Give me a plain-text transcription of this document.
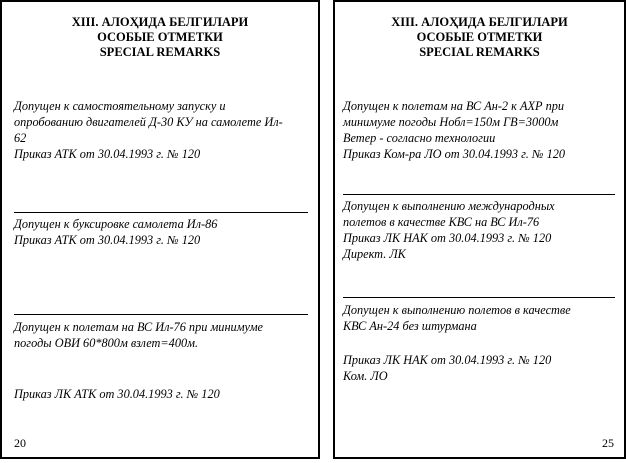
XIII. АЛОҲИДА БЕЛГИЛАРИ
ОСОБЫЕ ОТМЕТКИ
SPECIAL REMARKS
Допущен к самостоятельному запуску и
опробованию двигателей Д-30 КУ на самолете Ил-
62
Приказ АТК от 30.04.1993 г. № 120
Допущен к буксировке самолета Ил-86
Приказ АТК от 30.04.1993 г. № 120
Допущен к полетам на ВС Ил-76 при минимуме
погоды ОВИ 60*800м взлет=400м.
Приказ ЛК АТК от 30.04.1993 г. № 120
20
XIII. АЛОҲИДА БЕЛГИЛАРИ
ОСОБЫЕ ОТМЕТКИ
SPECIAL REMARKS
Допущен к полетам на ВС Ан-2 к АХР при
минимуме погоды Нобл=150м ГВ=3000м
Ветер - согласно технологии
Приказ Ком-ра ЛО от 30.04.1993 г. № 120
Допущен к выполнению международных
полетов в качестве КВС на ВС Ил-76
Приказ ЛК НАК от 30.04.1993 г. № 120
Директ. ЛК
Допущен к выполнению полетов в качестве
КВС Ан-24 без штурмана
Приказ ЛК НАК от 30.04.1993 г. № 120
Ком. ЛО
25
